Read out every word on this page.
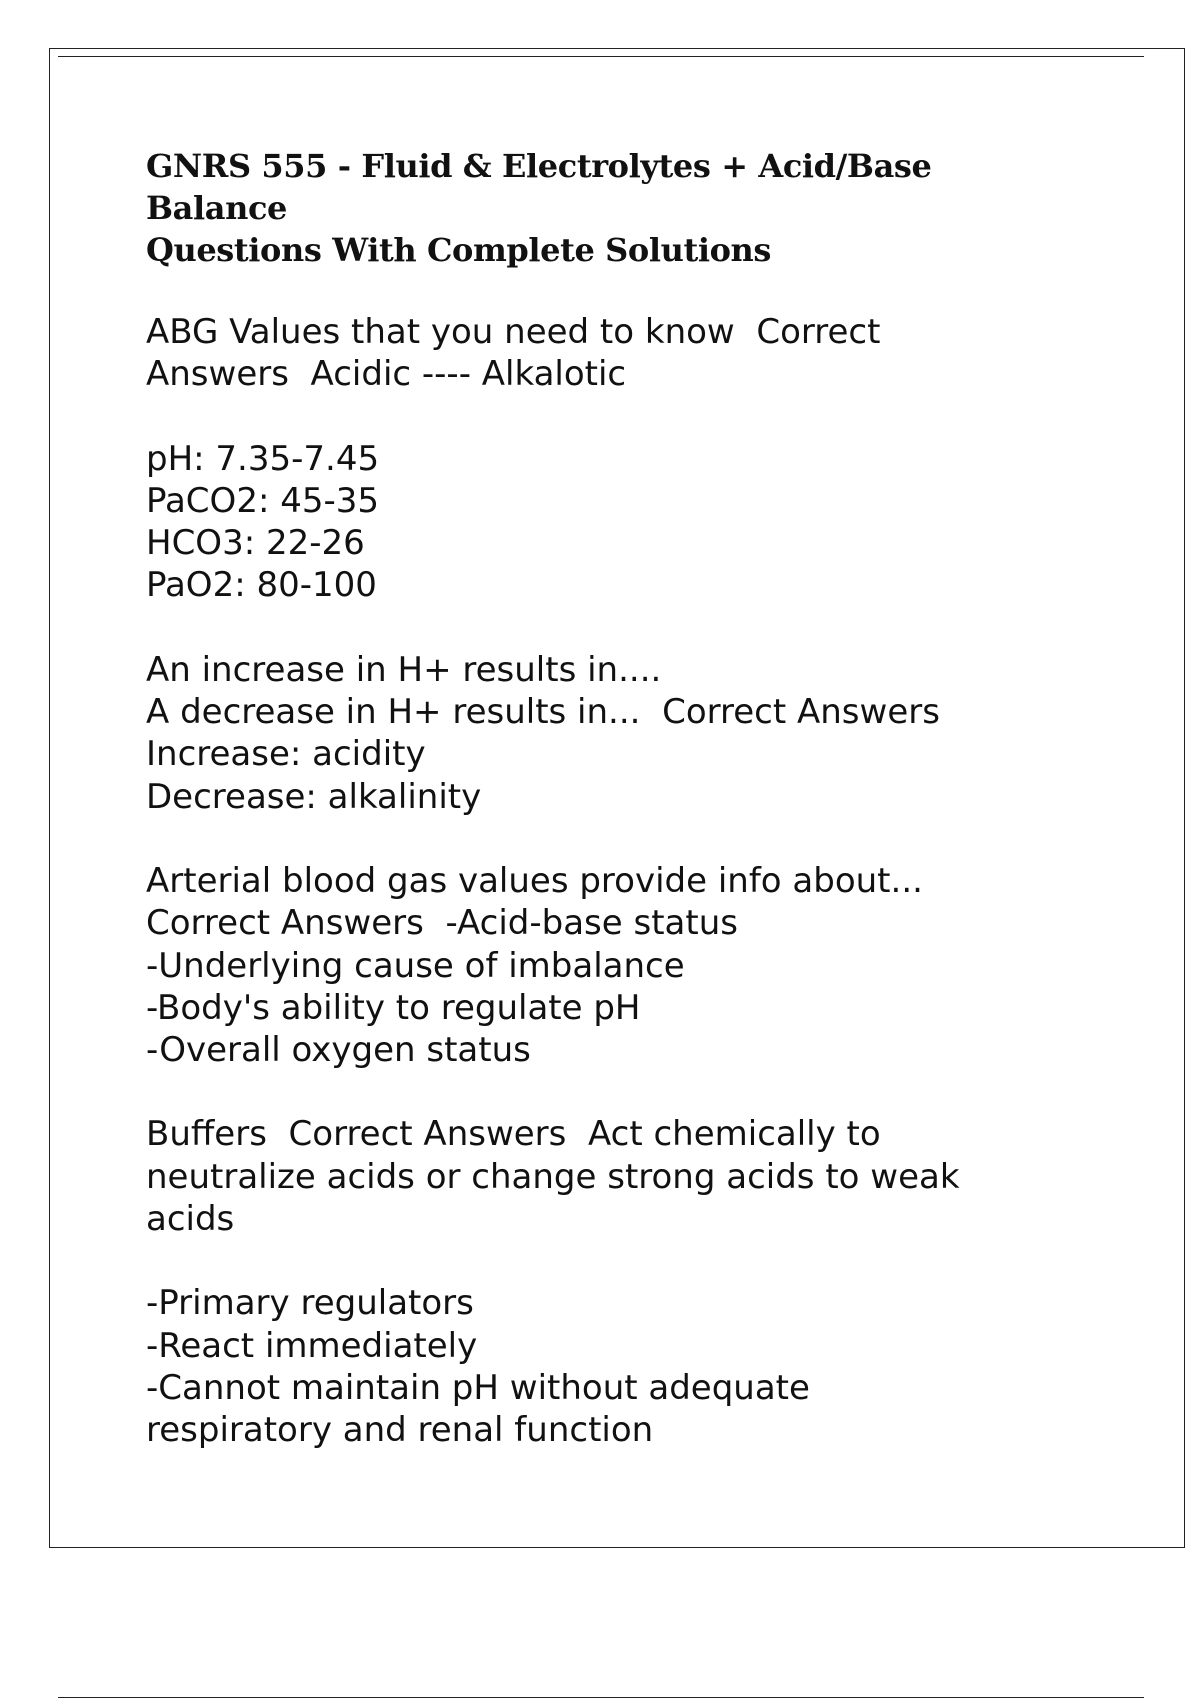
GNRS 555 - Fluid & Electrolytes + Acid/Base Balance
Questions With Complete Solutions
ABG Values that you need to know  Correct
Answers  Acidic ---- Alkalotic
pH: 7.35-7.45
PaCO2: 45-35
HCO3: 22-26
PaO2: 80-100
An increase in H+ results in....
A decrease in H+ results in...  Correct Answers
Increase: acidity
Decrease: alkalinity
Arterial blood gas values provide info about...
Correct Answers  -Acid-base status
-Underlying cause of imbalance
-Body's ability to regulate pH
-Overall oxygen status
Buffers  Correct Answers  Act chemically to
neutralize acids or change strong acids to weak
acids
-Primary regulators
-React immediately
-Cannot maintain pH without adequate
respiratory and renal function
